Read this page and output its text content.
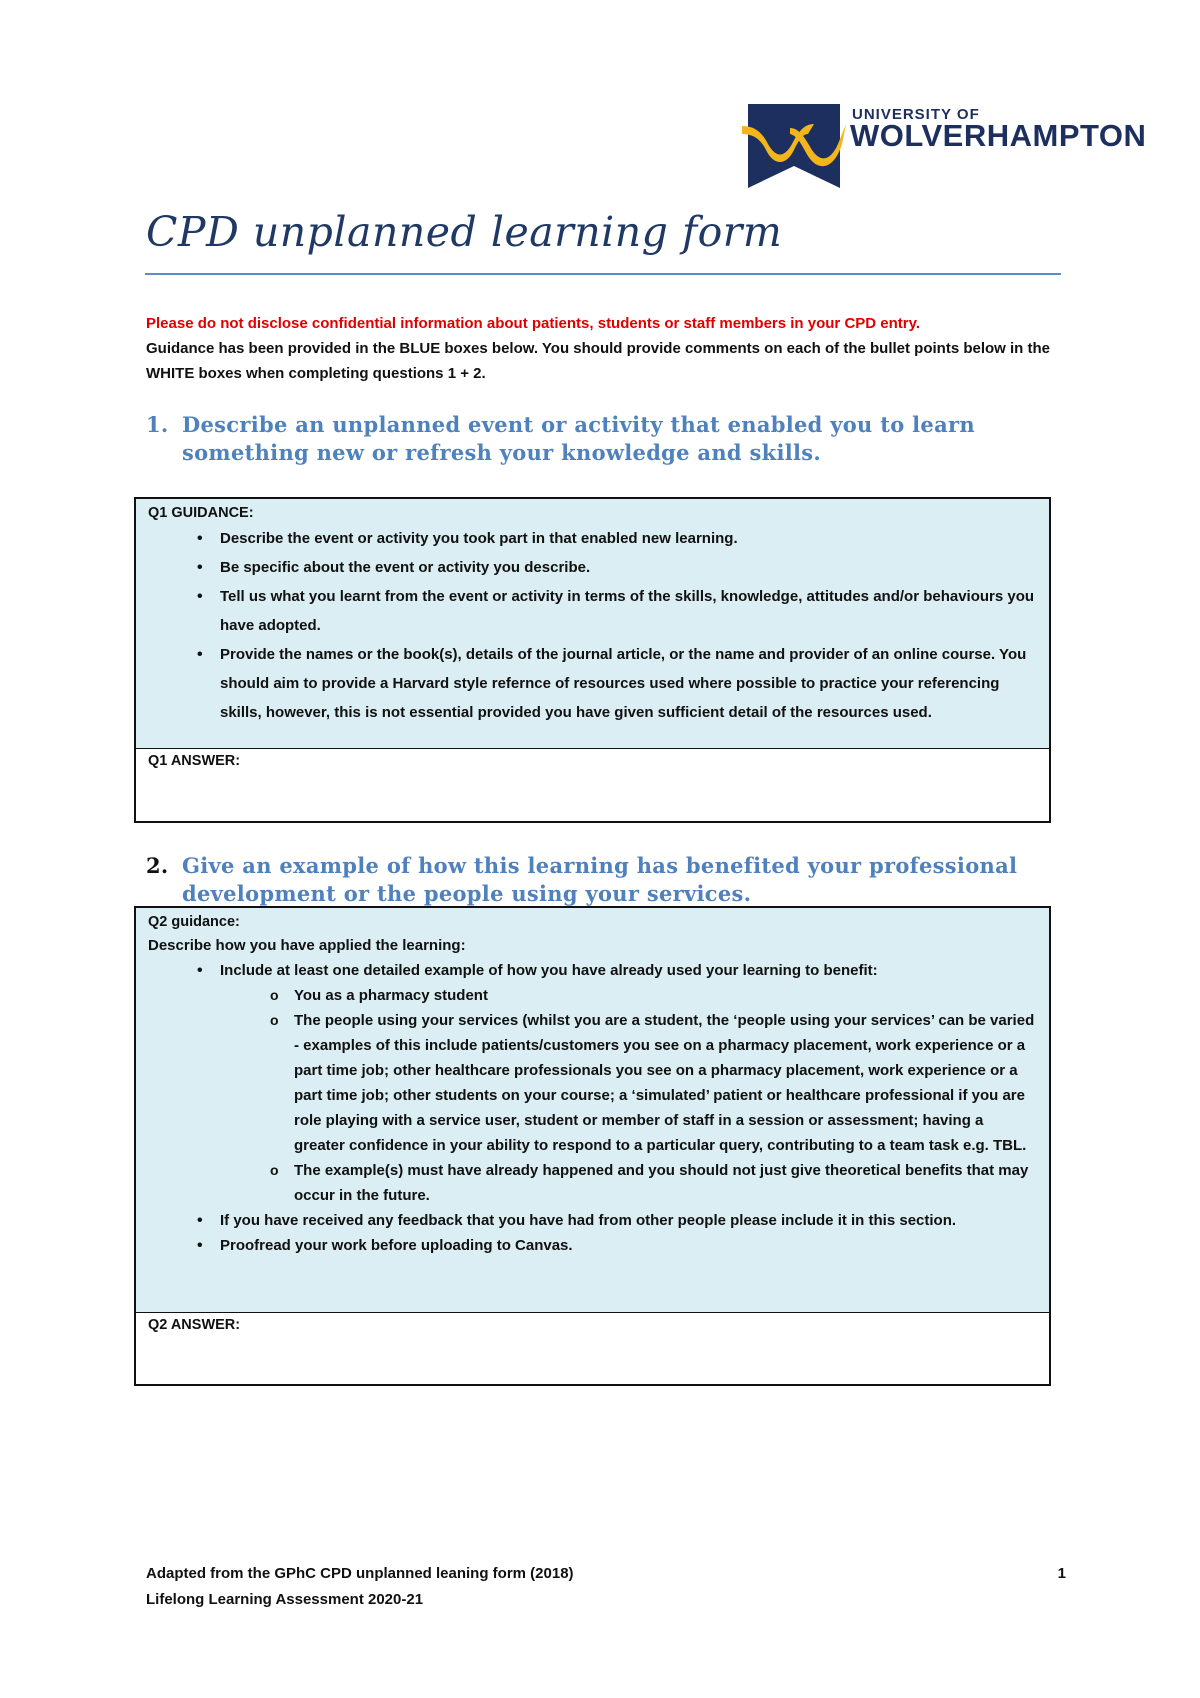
UNIVERSITY OF
WOLVERHAMPTON
CPD unplanned learning form
Please do not disclose confidential information about patients, students or staff members in your CPD entry.
Guidance has been provided in the BLUE boxes below. You should provide comments on each of the bullet points below in the WHITE boxes when completing questions 1 + 2.
1. Describe an unplanned event or activity that enabled you to learn something new or refresh your knowledge and skills.
Q1 GUIDANCE:
• Describe the event or activity you took part in that enabled new learning.
• Be specific about the event or activity you describe.
• Tell us what you learnt from the event or activity in terms of the skills, knowledge, attitudes and/or behaviours you have adopted.
• Provide the names or the book(s), details of the journal article, or the name and provider of an online course. You should aim to provide a Harvard style refernce of resources used where possible to practice your referencing skills, however, this is not essential provided you have given sufficient detail of the resources used.
Q1 ANSWER:
2. Give an example of how this learning has benefited your professional development or the people using your services.
Q2 guidance:
Describe how you have applied the learning:
• Include at least one detailed example of how you have already used your learning to benefit:
o You as a pharmacy student
o The people using your services (whilst you are a student, the ‘people using your services’ can be varied - examples of this include patients/customers you see on a pharmacy placement, work experience or a part time job; other healthcare professionals you see on a pharmacy placement, work experience or a part time job; other students on your course; a ‘simulated’ patient or healthcare professional if you are role playing with a service user, student or member of staff in a session or assessment; having a greater confidence in your ability to respond to a particular query, contributing to a team task e.g. TBL.
o The example(s) must have already happened and you should not just give theoretical benefits that may occur in the future.
• If you have received any feedback that you have had from other people please include it in this section.
• Proofread your work before uploading to Canvas.
Q2 ANSWER:
Adapted from the GPhC CPD unplanned leaning form (2018)
Lifelong Learning Assessment 2020-21
1
